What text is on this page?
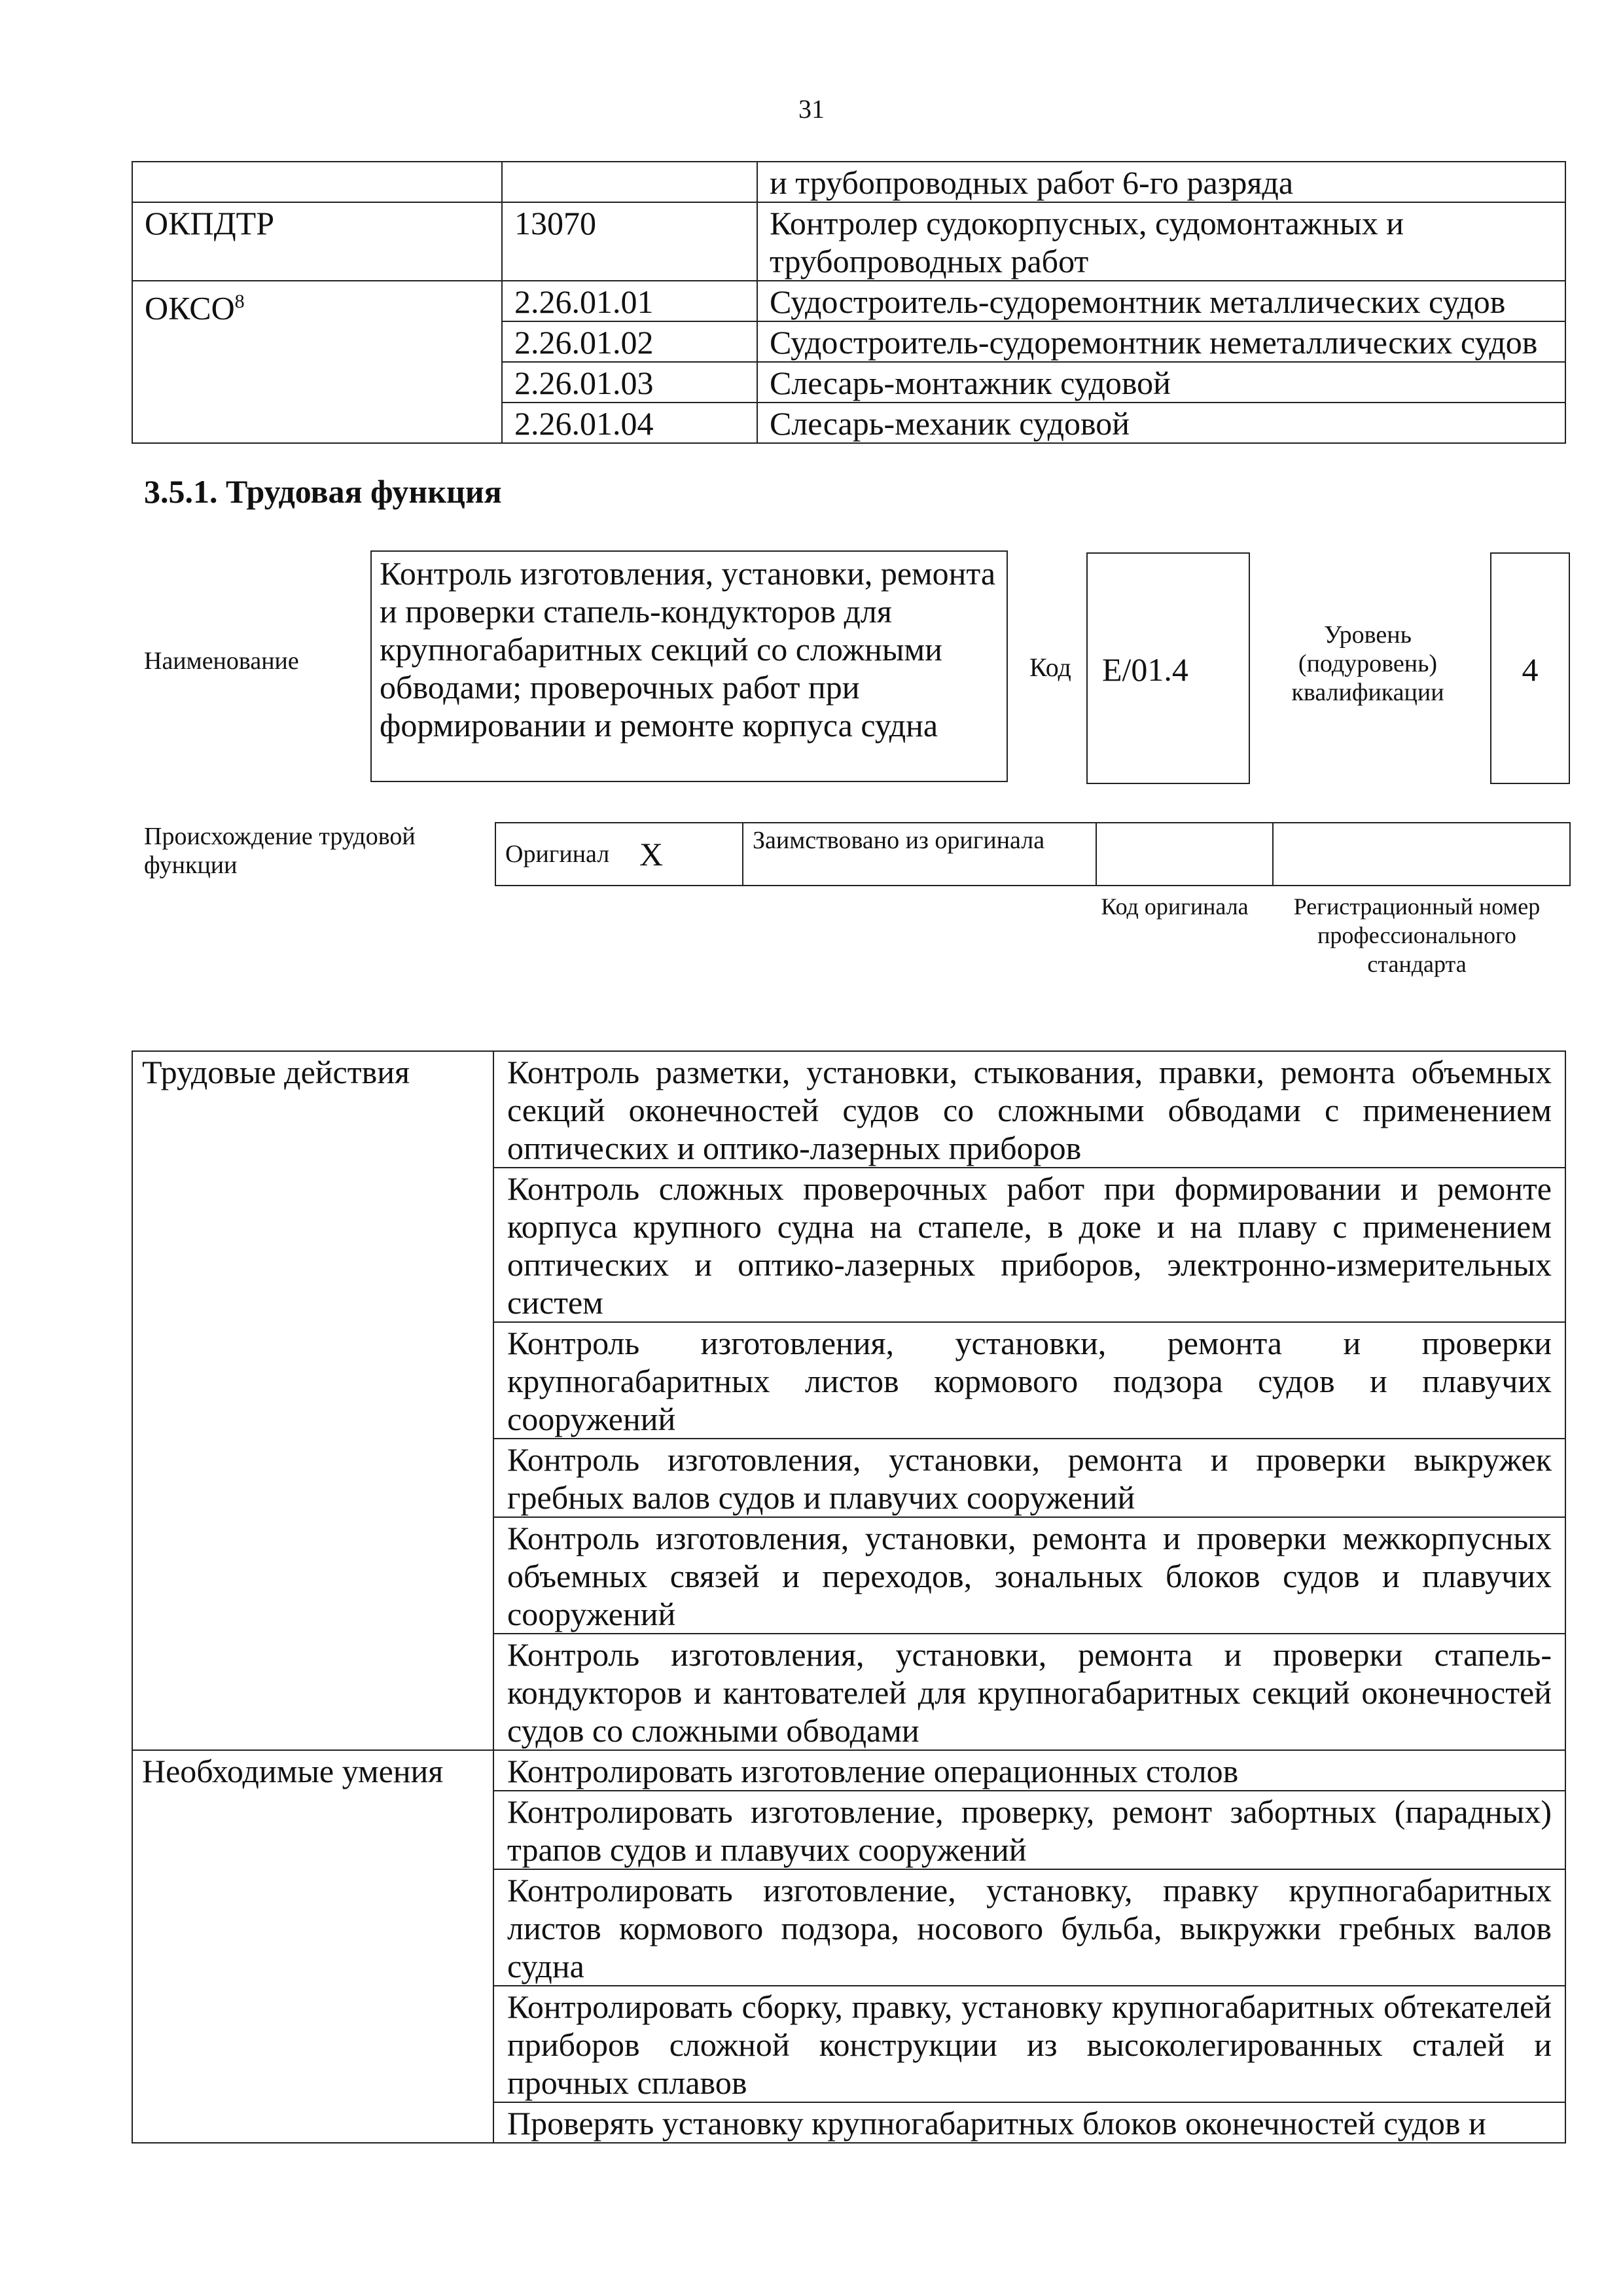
31
		и трубопроводных работ 6-го разряда
ОКПДТР	13070	Контролер судокорпусных, судомонтажных и трубопроводных работ
ОКСО$^8$	2.26.01.01	Судостроитель-судоремонтник металлических судов
	2.26.01.02	Судостроитель-судоремонтник неметаллических судов
	2.26.01.03	Слесарь-монтажник судовой
	2.26.01.04	Слесарь-механик судовой
3.5.1. Трудовая функция
Наименование
Контроль изготовления, установки, ремонта и проверки стапель-кондукторов для крупногабаритных секций со сложными обводами; проверочных работ при формировании и ремонте корпуса судна
Код E/01.4
Уровень (подуровень) квалификации
4
Происхождение трудовой функции	Оригинал	X	Заимствовано из оригинала		
Код оригинала	Регистрационный номер профессионального стандарта
Трудовые действия	Контроль разметки, установки, стыкования, правки, ремонта объемных секций оконечностей судов со сложными обводами с применением оптических и оптико-лазерных приборов
	Контроль сложных проверочных работ при формировании и ремонте корпуса крупного судна на стапеле, в доке и на плаву с применением оптических и оптико-лазерных приборов, электронно-измерительных систем
	Контроль изготовления, установки, ремонта и проверки крупногабаритных листов кормового подзора судов и плавучих сооружений
	Контроль изготовления, установки, ремонта и проверки выкружек гребных валов судов и плавучих сооружений
	Контроль изготовления, установки, ремонта и проверки межкорпусных объемных связей и переходов, зональных блоков судов и плавучих сооружений
	Контроль изготовления, установки, ремонта и проверки стапель-кондукторов и кантователей для крупногабаритных секций оконечностей судов со сложными обводами
Необходимые умения	Контролировать изготовление операционных столов
	Контролировать изготовление, проверку, ремонт забортных (парадных) трапов судов и плавучих сооружений
	Контролировать изготовление, установку, правку крупногабаритных листов кормового подзора, носового бульба, выкружки гребных валов судна
	Контролировать сборку, правку, установку крупногабаритных обтекателей приборов сложной конструкции из высоколегированных сталей и прочных сплавов
	Проверять установку крупногабаритных блоков оконечностей судов и
